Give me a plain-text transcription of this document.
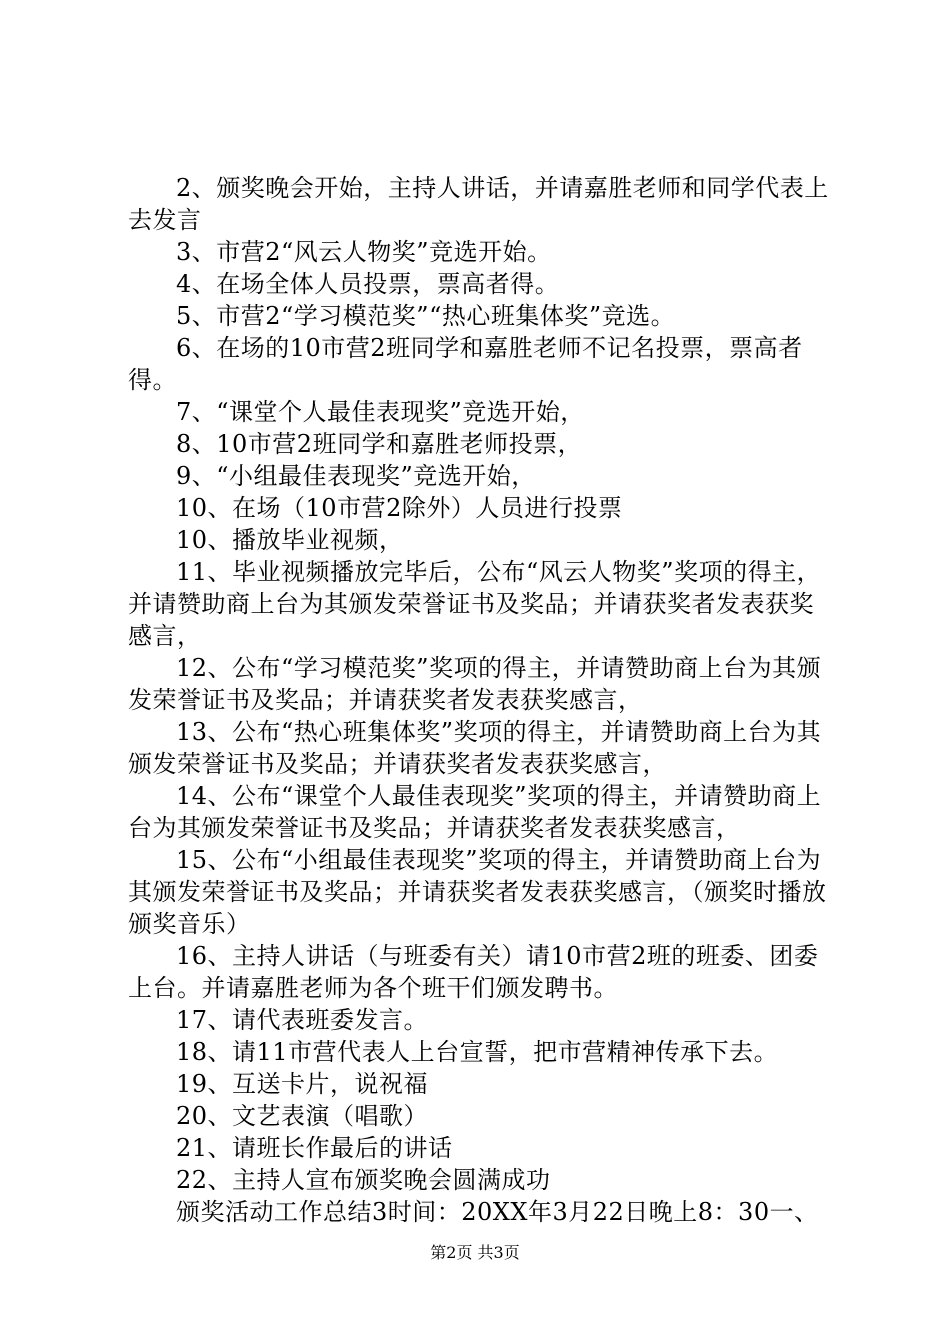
2、颁奖晚会开始，主持人讲话，并请嘉胜老师和同学代表上去发言

3、市营2“风云人物奖”竞选开始。

4、在场全体人员投票，票高者得。

5、市营2“学习模范奖”“热心班集体奖”竞选。

6、在场的10市营2班同学和嘉胜老师不记名投票，票高者得。

7、“课堂个人最佳表现奖”竞选开始，

8、10市营2班同学和嘉胜老师投票，

9、“小组最佳表现奖”竞选开始，

10、在场（10市营2除外）人员进行投票

10、播放毕业视频，

11、毕业视频播放完毕后，公布“风云人物奖”奖项的得主，并请赞助商上台为其颁发荣誉证书及奖品；并请获奖者发表获奖感言，

12、公布“学习模范奖”奖项的得主，并请赞助商上台为其颁发荣誉证书及奖品；并请获奖者发表获奖感言，

13、公布“热心班集体奖”奖项的得主，并请赞助商上台为其颁发荣誉证书及奖品；并请获奖者发表获奖感言，

14、公布“课堂个人最佳表现奖”奖项的得主，并请赞助商上台为其颁发荣誉证书及奖品；并请获奖者发表获奖感言，

15、公布“小组最佳表现奖”奖项的得主，并请赞助商上台为其颁发荣誉证书及奖品；并请获奖者发表获奖感言，（颁奖时播放颁奖音乐）

16、主持人讲话（与班委有关）请10市营2班的班委、团委上台。并请嘉胜老师为各个班干们颁发聘书。

17、请代表班委发言。

18、请11市营代表人上台宣誓，把市营精神传承下去。

19、互送卡片，说祝福

20、文艺表演（唱歌）

21、请班长作最后的讲话

22、主持人宣布颁奖晚会圆满成功

颁奖活动工作总结3时间：20XX年3月22日晚上8：30一、

第2页 共3页
